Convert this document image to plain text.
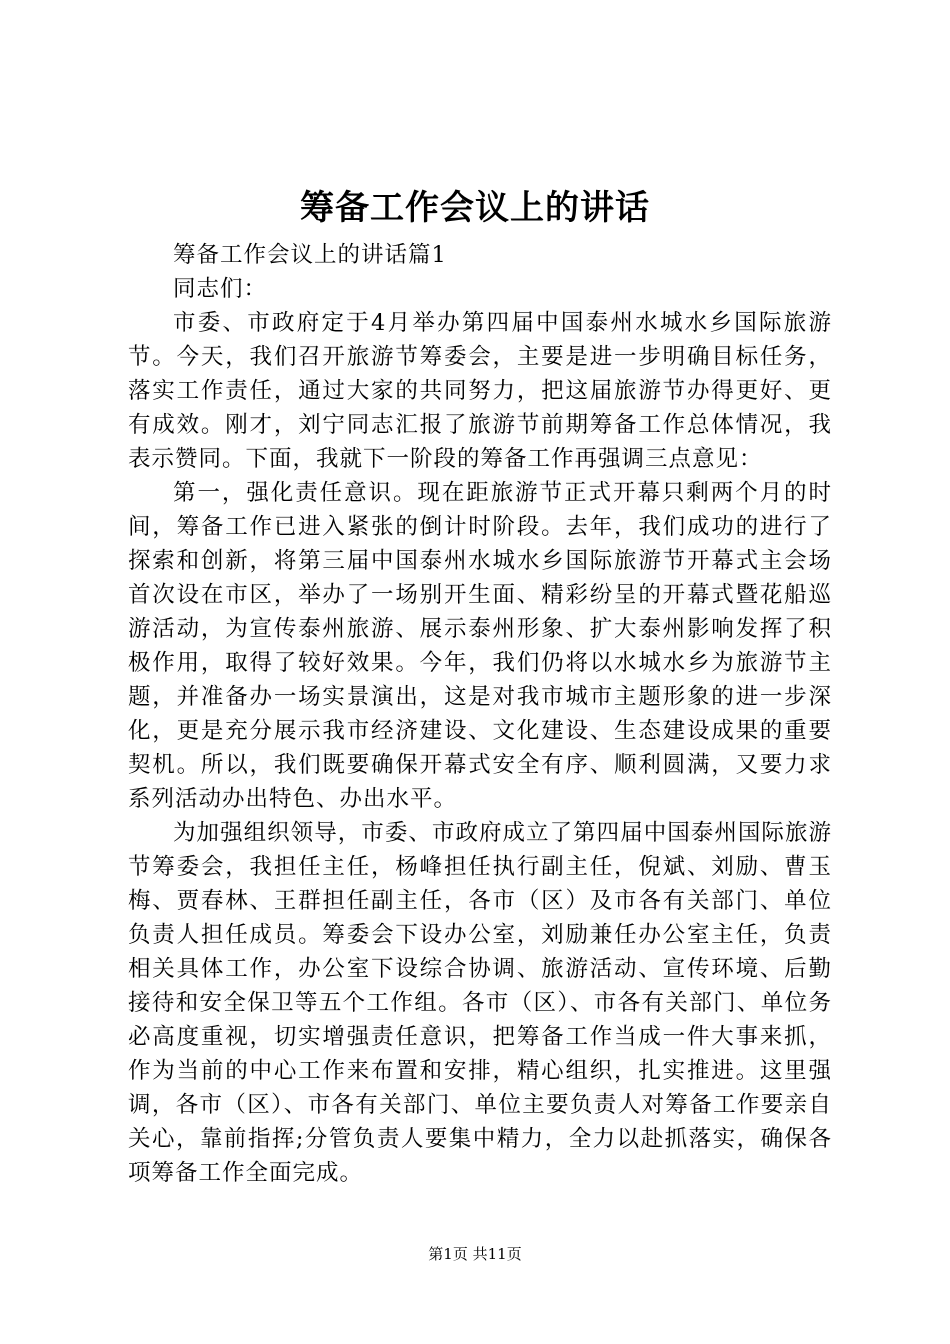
筹备工作会议上的讲话

筹备工作会议上的讲话篇1

同志们：

市委、市政府定于4月举办第四届中国泰州水城水乡国际旅游节。今天，我们召开旅游节筹委会，主要是进一步明确目标任务，落实工作责任，通过大家的共同努力，把这届旅游节办得更好、更有成效。刚才，刘宁同志汇报了旅游节前期筹备工作总体情况，我表示赞同。下面，我就下一阶段的筹备工作再强调三点意见：

第一，强化责任意识。现在距旅游节正式开幕只剩两个月的时间，筹备工作已进入紧张的倒计时阶段。去年，我们成功的进行了探索和创新，将第三届中国泰州水城水乡国际旅游节开幕式主会场首次设在市区，举办了一场别开生面、精彩纷呈的开幕式暨花船巡游活动，为宣传泰州旅游、展示泰州形象、扩大泰州影响发挥了积极作用，取得了较好效果。今年，我们仍将以水城水乡为旅游节主题，并准备办一场实景演出，这是对我市城市主题形象的进一步深化，更是充分展示我市经济建设、文化建设、生态建设成果的重要契机。所以，我们既要确保开幕式安全有序、顺利圆满，又要力求系列活动办出特色、办出水平。

为加强组织领导，市委、市政府成立了第四届中国泰州国际旅游节筹委会，我担任主任，杨峰担任执行副主任，倪斌、刘励、曹玉梅、贾春林、王群担任副主任，各市（区）及市各有关部门、单位负责人担任成员。筹委会下设办公室，刘励兼任办公室主任，负责相关具体工作，办公室下设综合协调、旅游活动、宣传环境、后勤接待和安全保卫等五个工作组。各市（区）、市各有关部门、单位务必高度重视，切实增强责任意识，把筹备工作当成一件大事来抓，作为当前的中心工作来布置和安排，精心组织，扎实推进。这里强调，各市（区）、市各有关部门、单位主要负责人对筹备工作要亲自关心，靠前指挥;分管负责人要集中精力，全力以赴抓落实，确保各项筹备工作全面完成。

第1页 共11页
